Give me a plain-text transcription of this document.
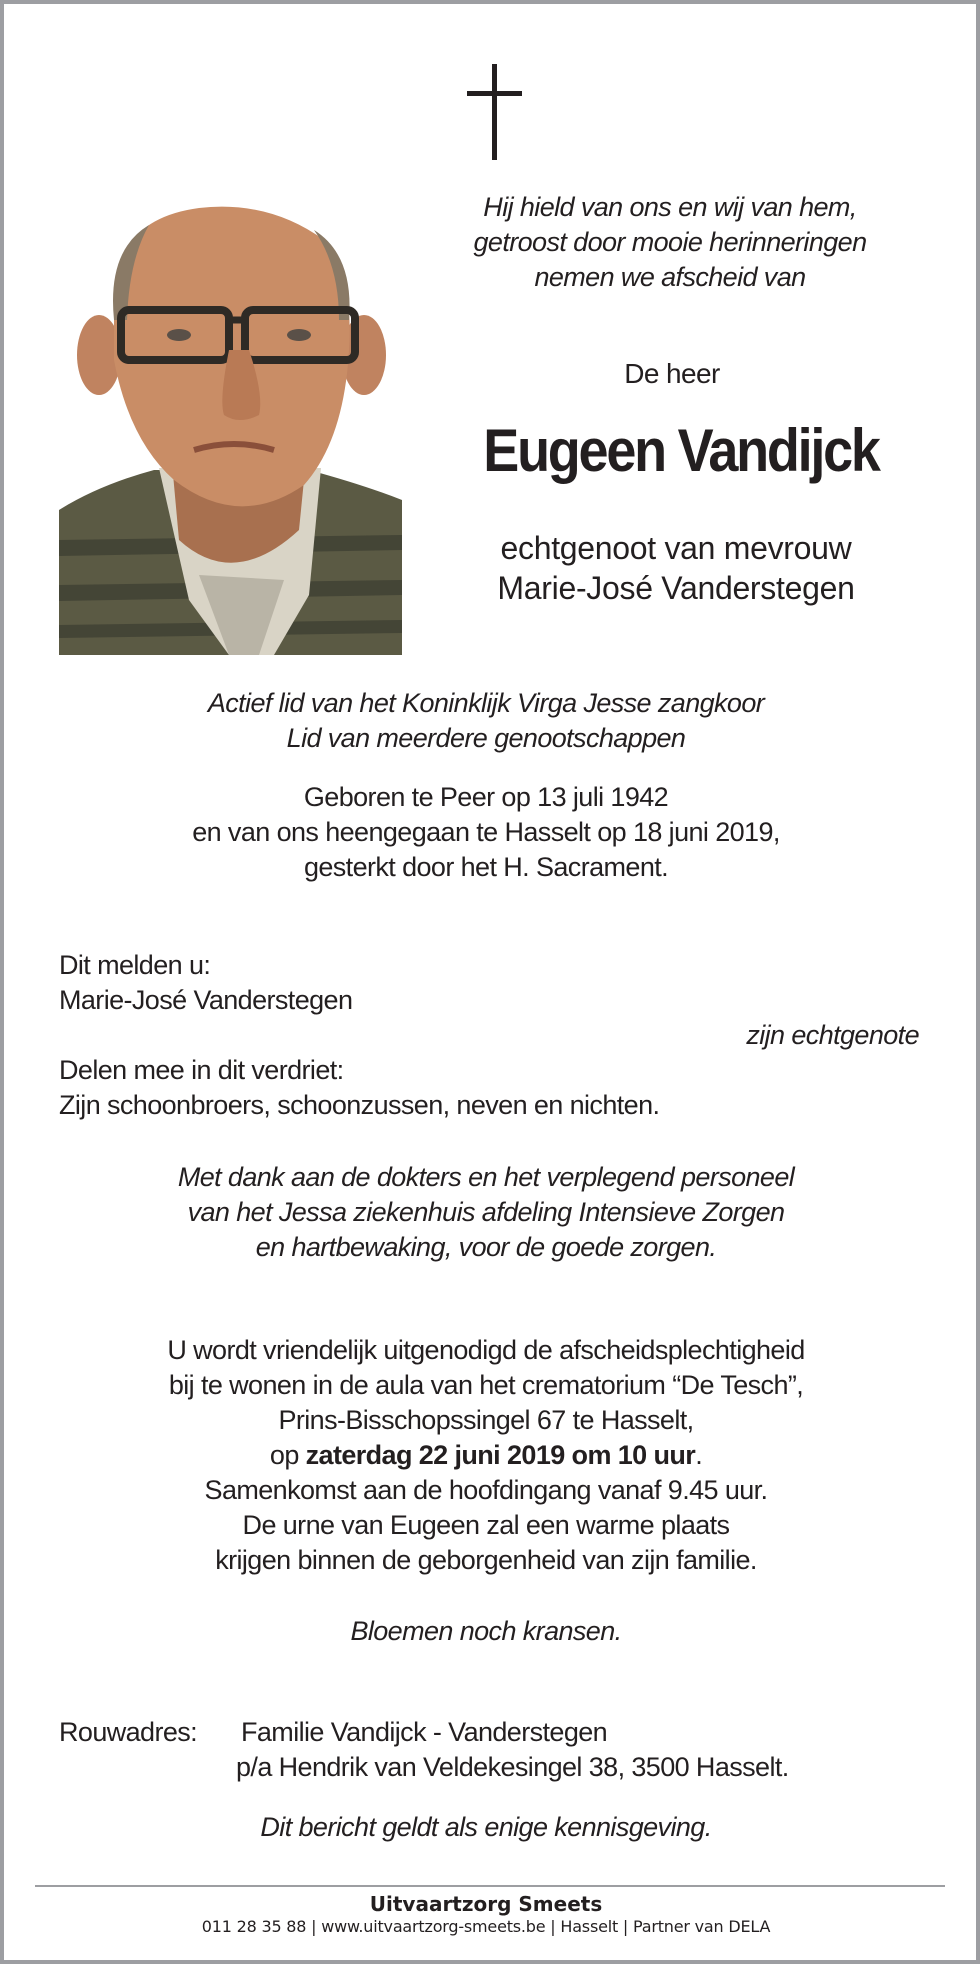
Hij hield van ons en wij van hem,
getroost door mooie herinneringen
nemen we afscheid van
De heer
Eugeen Vandijck
echtgenoot van mevrouw
Marie-José Vanderstegen
Actief lid van het Koninklijk Virga Jesse zangkoor
Lid van meerdere genootschappen
Geboren te Peer op 13 juli 1942
en van ons heengegaan te Hasselt op 18 juni 2019,
gesterkt door het H. Sacrament.
Dit melden u:
Marie-José Vanderstegen
zijn echtgenote
Delen mee in dit verdriet:
Zijn schoonbroers, schoonzussen, neven en nichten.
Met dank aan de dokters en het verplegend personeel
van het Jessa ziekenhuis afdeling Intensieve Zorgen
en hartbewaking, voor de goede zorgen.
U wordt vriendelijk uitgenodigd de afscheidsplechtigheid
bij te wonen in de aula van het crematorium “De Tesch”,
Prins-Bisschopssingel 67 te Hasselt,
op zaterdag 22 juni 2019 om 10 uur.
Samenkomst aan de hoofdingang vanaf 9.45 uur.
De urne van Eugeen zal een warme plaats
krijgen binnen de geborgenheid van zijn familie.
Bloemen noch kransen.
Rouwadres: Familie Vandijck - Vanderstegen
p/a Hendrik van Veldekesingel 38, 3500 Hasselt.
Dit bericht geldt als enige kennisgeving.
Uitvaartzorg Smeets
011 28 35 88 | www.uitvaartzorg-smeets.be | Hasselt | Partner van DELA
